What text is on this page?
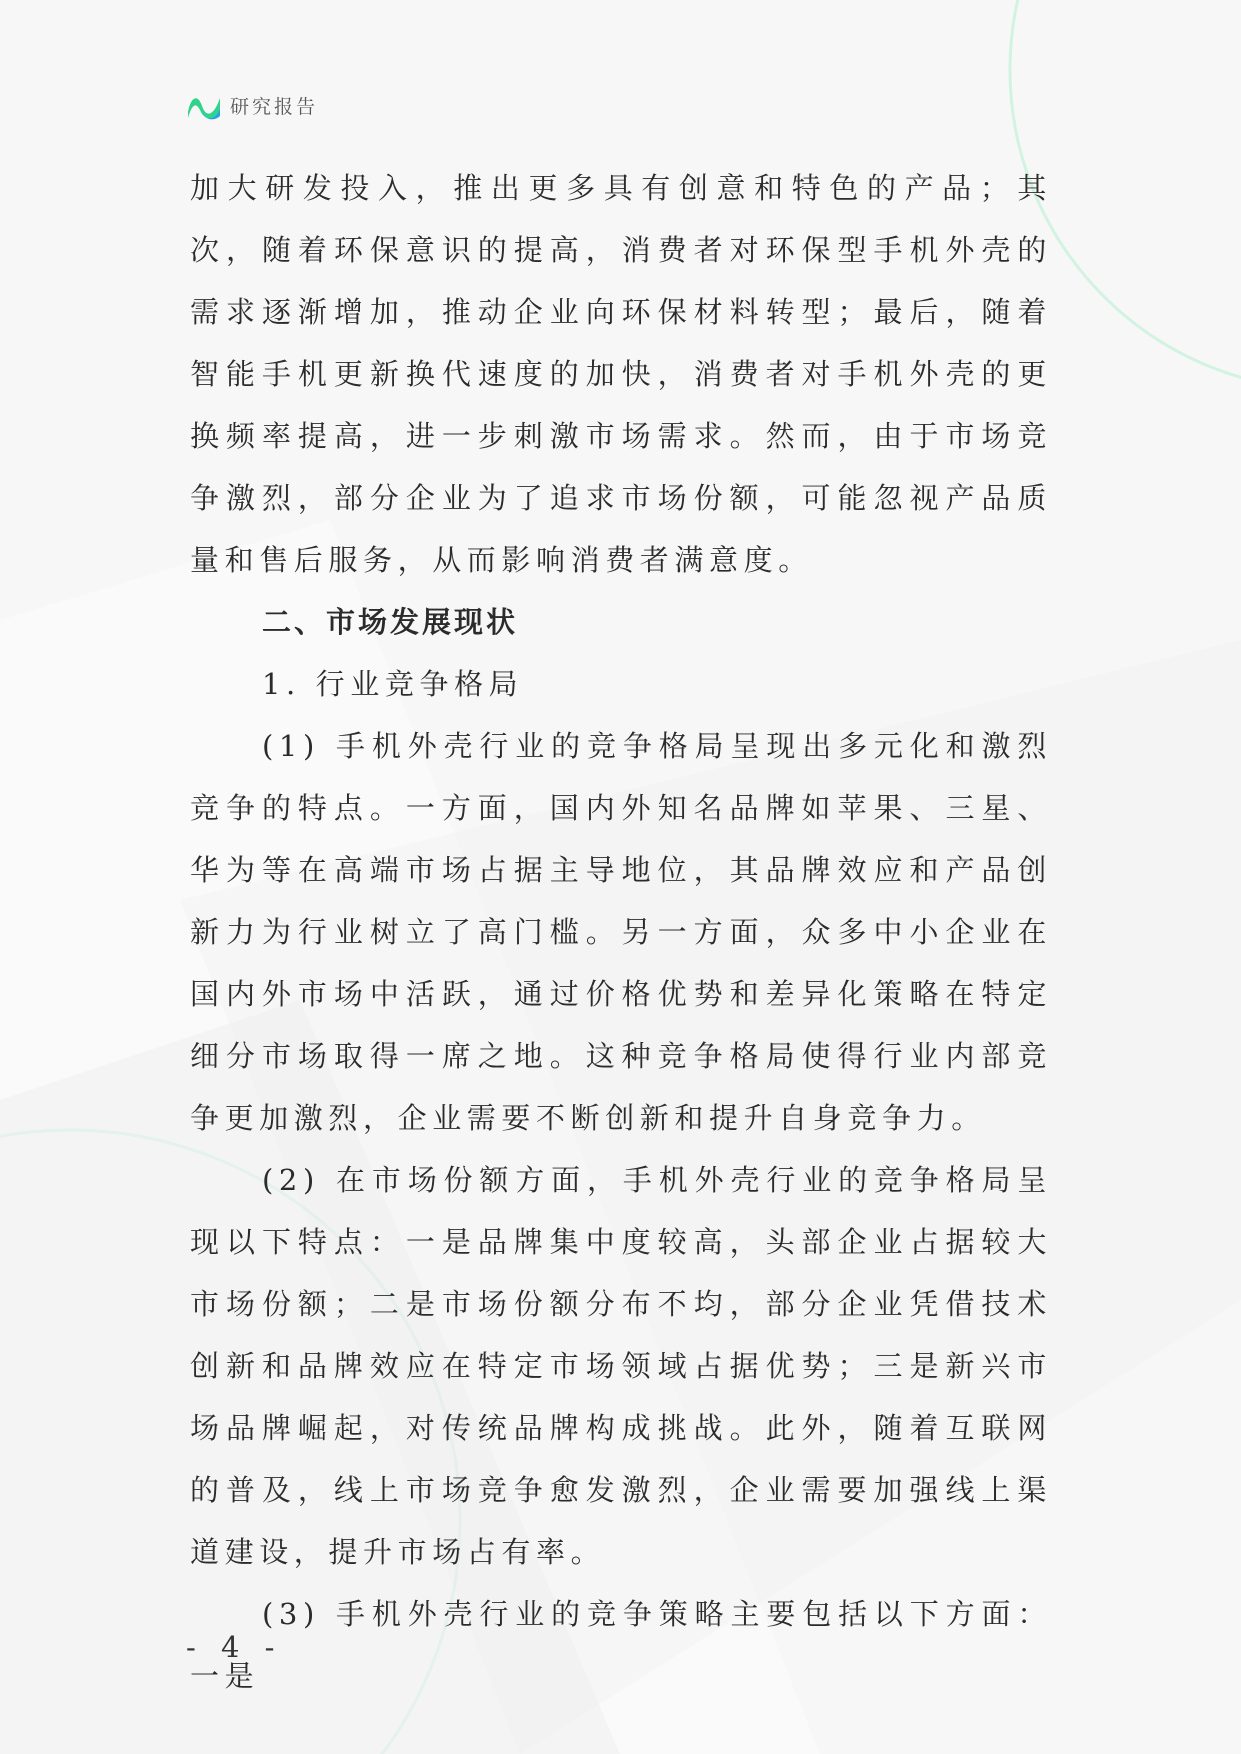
研究报告

加大研发投入，推出更多具有创意和特色的产品；其次，随着环保意识的提高，消费者对环保型手机外壳的需求逐渐增加，推动企业向环保材料转型；最后，随着智能手机更新换代速度的加快，消费者对手机外壳的更换频率提高，进一步刺激市场需求。然而，由于市场竞争激烈，部分企业为了追求市场份额，可能忽视产品质量和售后服务，从而影响消费者满意度。

二、市场发展现状

1. 行业竞争格局

(1) 手机外壳行业的竞争格局呈现出多元化和激烈竞争的特点。一方面，国内外知名品牌如苹果、三星、华为等在高端市场占据主导地位，其品牌效应和产品创新力为行业树立了高门槛。另一方面，众多中小企业在国内外市场中活跃，通过价格优势和差异化策略在特定细分市场取得一席之地。这种竞争格局使得行业内部竞争更加激烈，企业需要不断创新和提升自身竞争力。

(2) 在市场份额方面，手机外壳行业的竞争格局呈现以下特点：一是品牌集中度较高，头部企业占据较大市场份额；二是市场份额分布不均，部分企业凭借技术创新和品牌效应在特定市场领域占据优势；三是新兴市场品牌崛起，对传统品牌构成挑战。此外，随着互联网的普及，线上市场竞争愈发激烈，企业需要加强线上渠道建设，提升市场占有率。

(3) 手机外壳行业的竞争策略主要包括以下方面：一是

- 4 -
